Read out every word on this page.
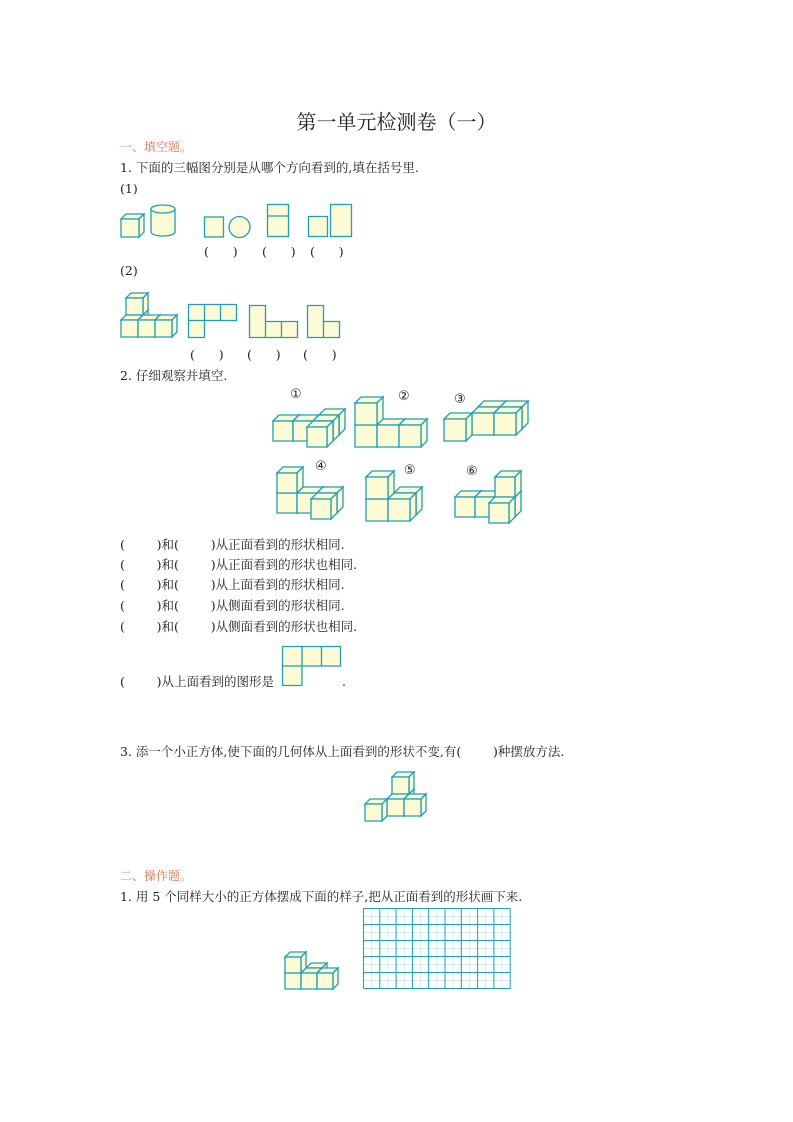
第一单元检测卷（一）
一、填空题。
1. 下面的三幅图分别是从哪个方向看到的,填在括号里.
(1)
(      ) (      ) (      )
(2)
(      ) (      ) (      )
2. 仔细观察并填空.
①	②	③
④	⑤	⑥
(        )和(        )从正面看到的形状相同.
(        )和(        )从正面看到的形状也相同.
(        )和(        )从上面看到的形状相同.
(        )和(        )从侧面看到的形状相同.
(        )和(        )从侧面看到的形状也相同.
(        )从上面看到的图形是	.
3. 添一个小正方体,使下面的几何体从上面看到的形状不变,有(        )种摆放方法.
二、操作题。
1. 用 5 个同样大小的正方体摆成下面的样子,把从正面看到的形状画下来.
